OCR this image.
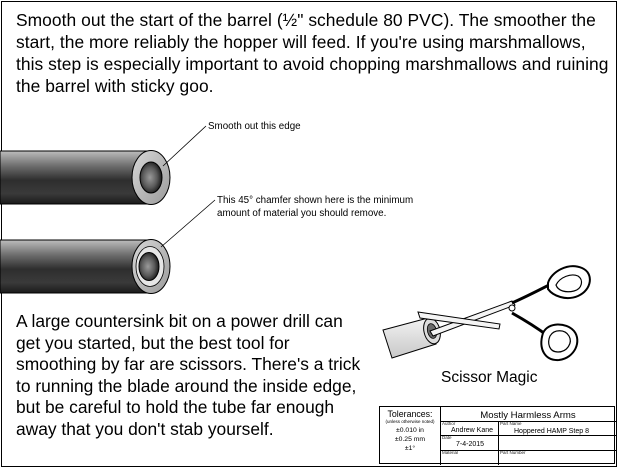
Smooth out the start of the barrel (½" schedule 80 PVC). The smoother the start, the more reliably the hopper will feed. If you're using marshmallows, this step is especially important to avoid chopping marshmallows and ruining the barrel with sticky goo.
Smooth out this edge
This 45° chamfer shown here is the minimum
amount of material you should remove.
A large countersink bit on a power drill can get you started, but the best tool for smoothing by far are scissors. There's a trick to running the blade around the inside edge, but be careful to hold the tube far enough away that you don't stab yourself.
Scissor Magic
Tolerances:
(unless otherwise noted)
±0.010 in
±0.25 mm
±1°
Mostly Harmless Arms
Author
Andrew Kane
Date
7-4-2015
Material
Part Name
Hoppered HAMP Step 8
Part Number
